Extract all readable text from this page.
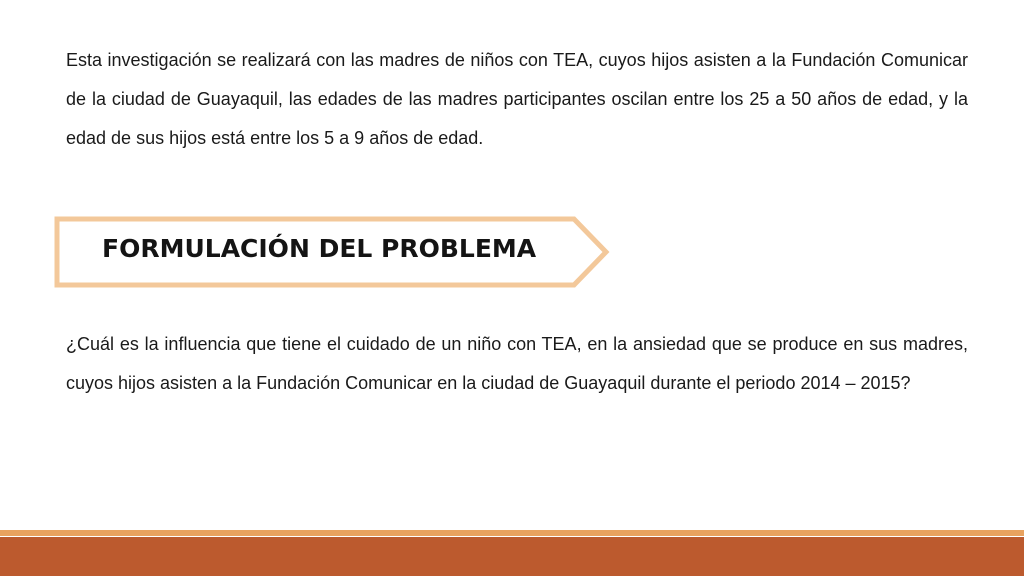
Esta investigación se realizará con las madres de niños con TEA, cuyos hijos asisten a la Fundación Comunicar de la ciudad de Guayaquil, las edades de las madres participantes oscilan entre los 25 a 50 años de edad, y la edad de sus hijos está entre los 5 a 9 años de edad.

FORMULACIÓN DEL PROBLEMA

¿Cuál es la influencia que tiene el cuidado de un niño con TEA, en la ansiedad que se produce en sus madres, cuyos hijos asisten a la Fundación Comunicar en la ciudad de Guayaquil durante el periodo 2014 – 2015?
